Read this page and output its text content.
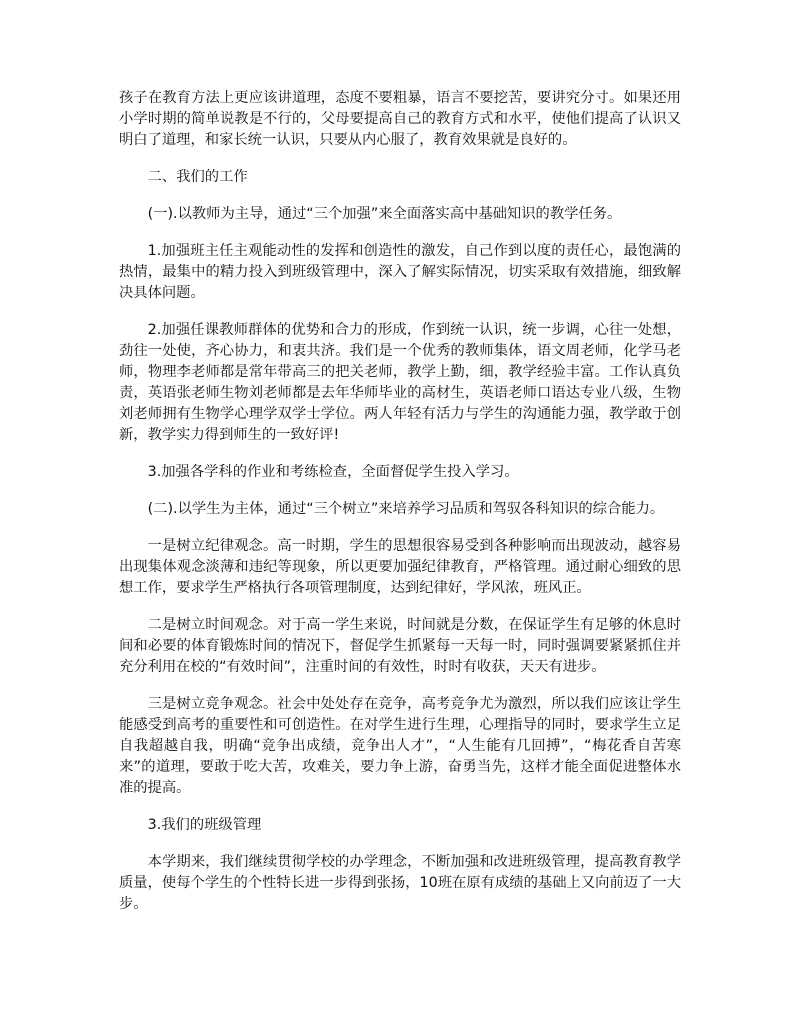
孩子在教育方法上更应该讲道理，态度不要粗暴，语言不要挖苦，要讲究分寸。如果还用小学时期的简单说教是不行的，父母要提高自己的教育方式和水平，使他们提高了认识又明白了道理，和家长统一认识，只要从内心服了，教育效果就是良好的。

二、我们的工作

(一).以教师为主导，通过“三个加强”来全面落实高中基础知识的教学任务。

1.加强班主任主观能动性的发挥和创造性的激发，自己作到以度的责任心，最饱满的热情，最集中的精力投入到班级管理中，深入了解实际情况，切实采取有效措施，细致解决具体问题。

2.加强任课教师群体的优势和合力的形成，作到统一认识，统一步调，心往一处想，劲往一处使，齐心协力，和衷共济。我们是一个优秀的教师集体，语文周老师，化学马老师，物理李老师都是常年带高三的把关老师，教学上勤，细，教学经验丰富。工作认真负责，英语张老师生物刘老师都是去年华师毕业的高材生，英语老师口语达专业八级，生物刘老师拥有生物学心理学双学士学位。两人年轻有活力与学生的沟通能力强，教学敢于创新，教学实力得到师生的一致好评!

3.加强各学科的作业和考练检查，全面督促学生投入学习。

(二).以学生为主体，通过“三个树立”来培养学习品质和驾驭各科知识的综合能力。

一是树立纪律观念。高一时期，学生的思想很容易受到各种影响而出现波动，越容易出现集体观念淡薄和违纪等现象，所以更要加强纪律教育，严格管理。通过耐心细致的思想工作，要求学生严格执行各项管理制度，达到纪律好，学风浓，班风正。

二是树立时间观念。对于高一学生来说，时间就是分数，在保证学生有足够的休息时间和必要的体育锻炼时间的情况下，督促学生抓紧每一天每一时，同时强调要紧紧抓住并充分利用在校的“有效时间”，注重时间的有效性，时时有收获，天天有进步。

三是树立竞争观念。社会中处处存在竞争，高考竞争尤为激烈，所以我们应该让学生能感受到高考的重要性和可创造性。在对学生进行生理，心理指导的同时，要求学生立足自我超越自我，明确“竞争出成绩，竞争出人才”，“人生能有几回搏”，“梅花香自苦寒来”的道理，要敢于吃大苦，攻难关，要力争上游，奋勇当先，这样才能全面促进整体水准的提高。

3.我们的班级管理

本学期来，我们继续贯彻学校的办学理念，不断加强和改进班级管理，提高教育教学质量，使每个学生的个性特长进一步得到张扬，10班在原有成绩的基础上又向前迈了一大步。
